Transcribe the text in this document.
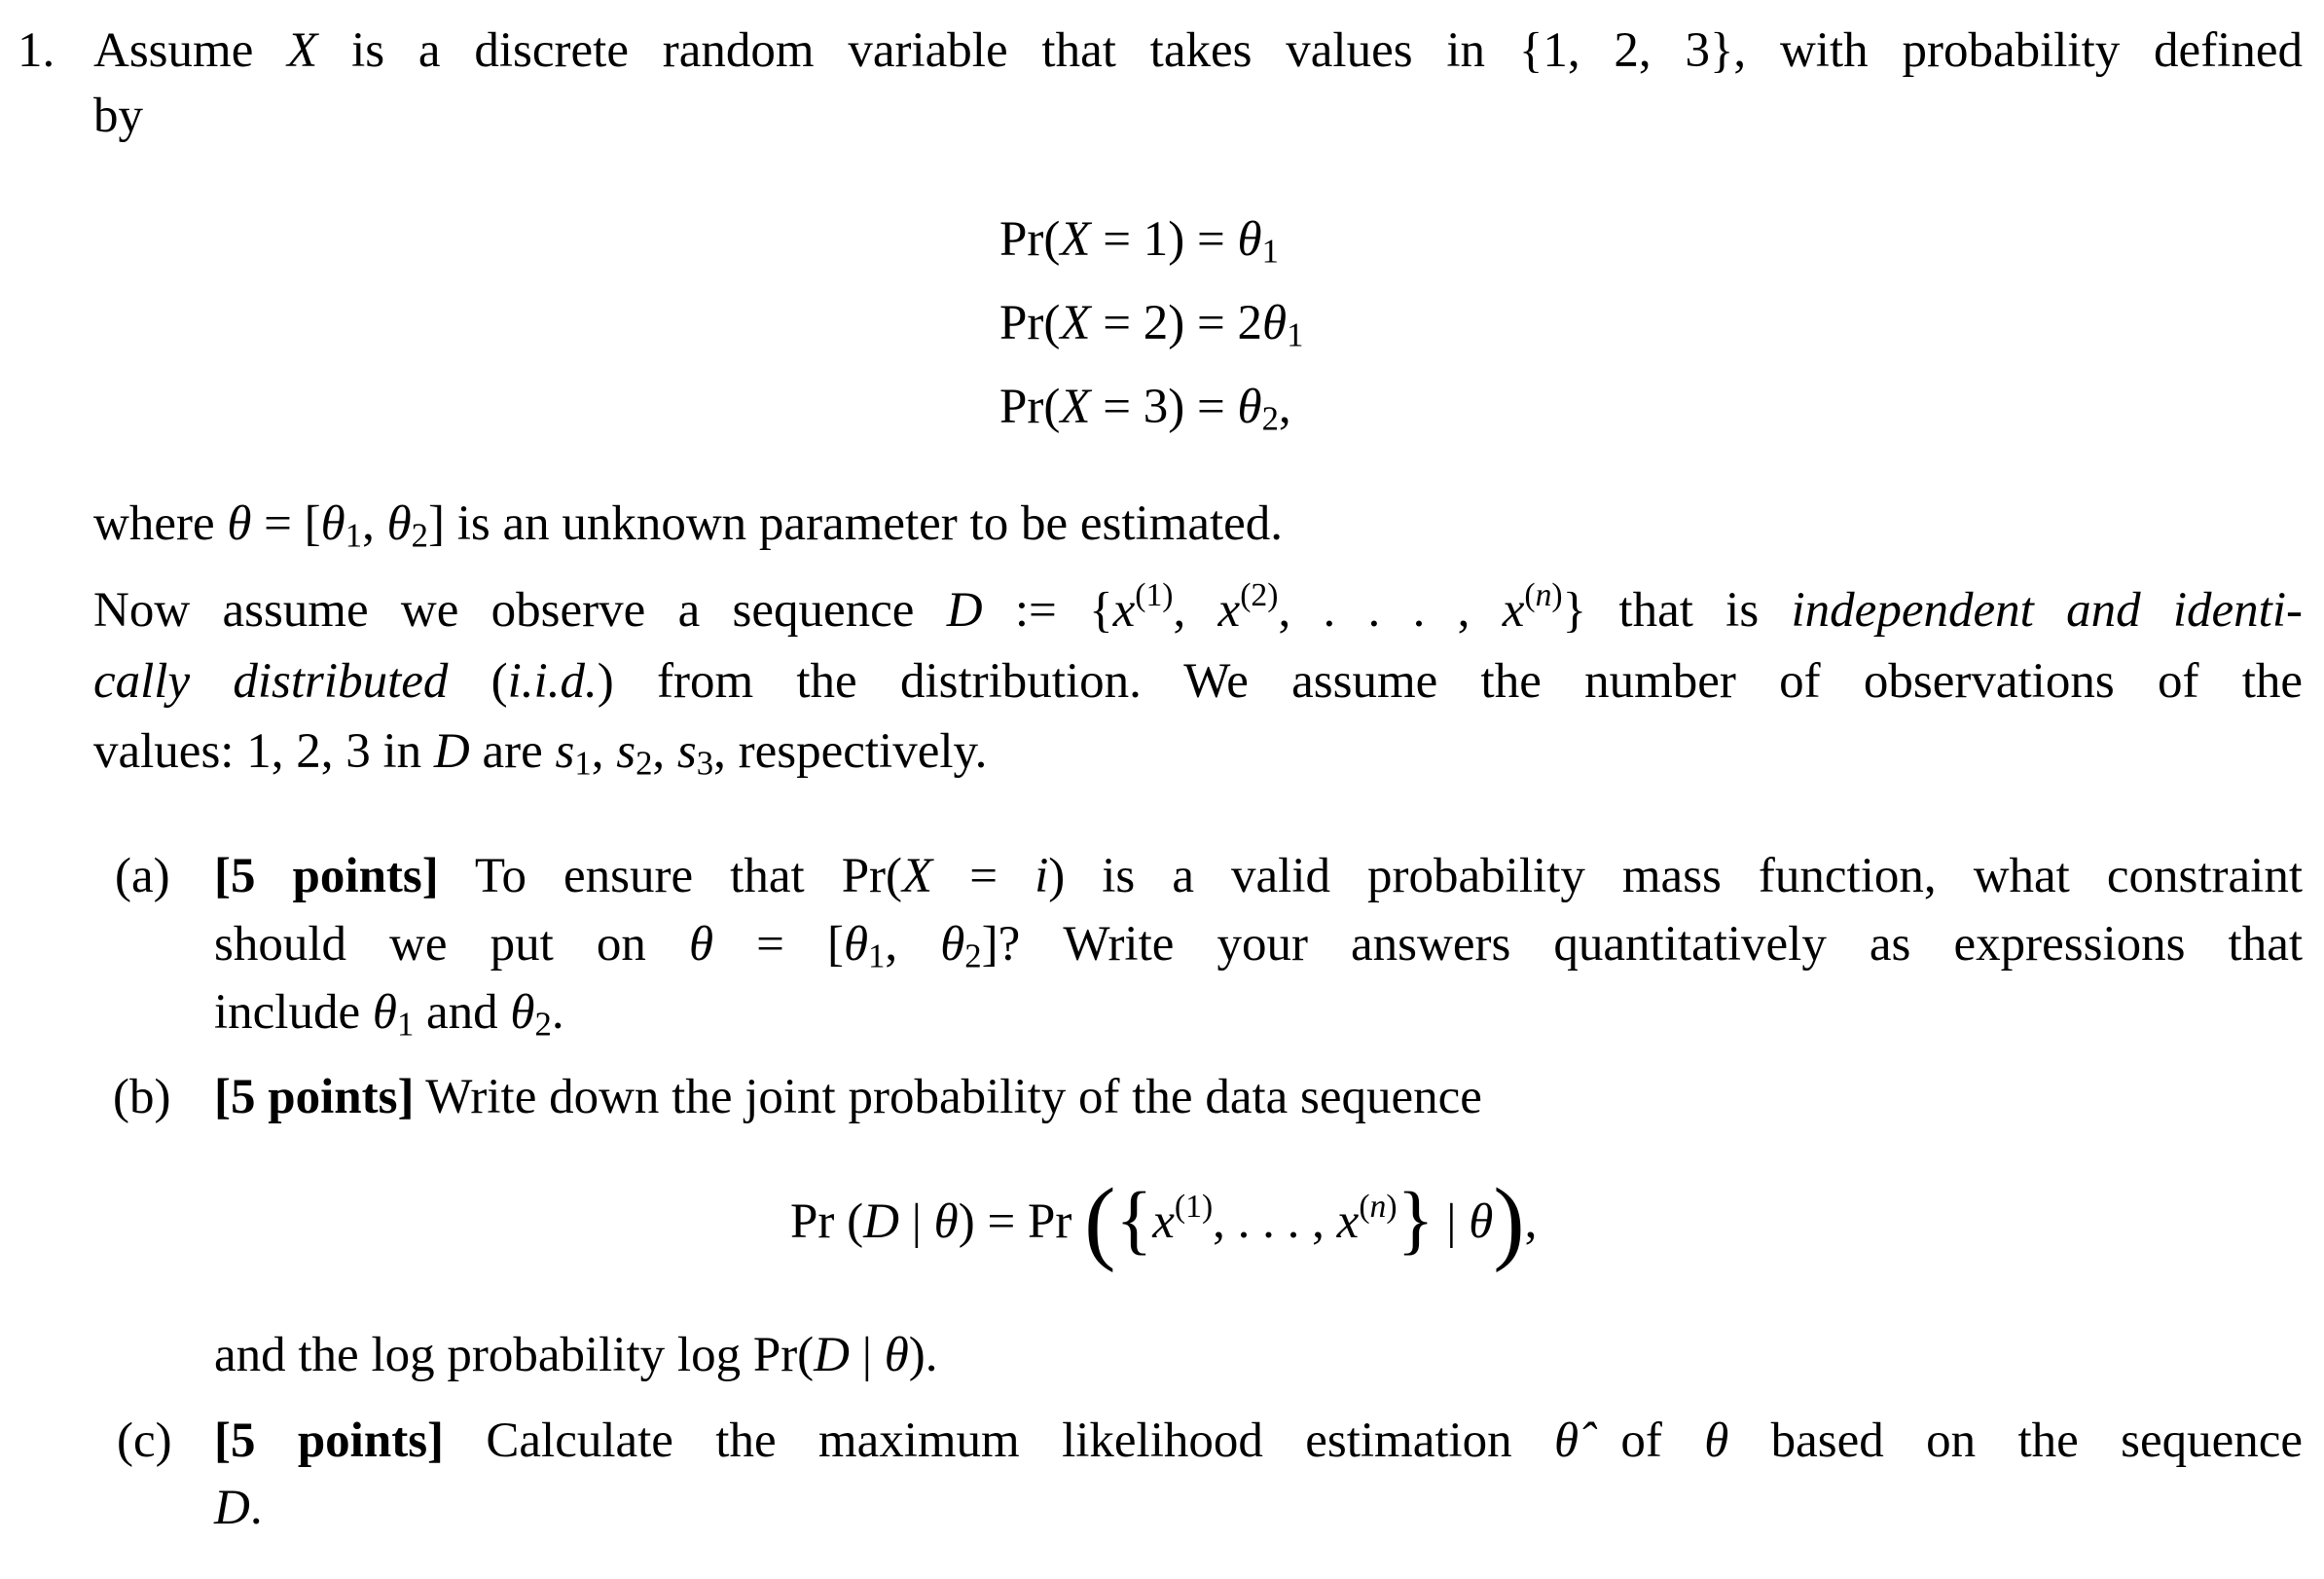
1. Assume X is a discrete random variable that takes values in {1, 2, 3}, with probability defined
by
$Pr(X = 1) = \theta_1$
$Pr(X = 2) = 2\theta_1$
$Pr(X = 3) = \theta_2$,
where $\theta = [\theta_1$, $\theta_2$] is an unknown parameter to be estimated.
Now assume we observe a sequence D := {$x^{(1)}$, $x^{(2)}$, . . . , $x^{(n)}$} that is independent and identi-
cally distributed (i.i.d.) from the distribution. We assume the number of observations of the
values: 1, 2, 3 in D are $s_1$, $s_2$, $s_3$, respectively.
(a) [5 points] To ensure that Pr(X = i) is a valid probability mass function, what constraint
should we put on $\theta = [\theta_1$, $\theta_2$]? Write your answers quantitatively as expressions that
include $\theta_1$ and $\theta_2$.
(b) [5 points] Write down the joint probability of the data sequence
Pr (D | θ) = Pr ({$x^{(1)}$, . . . , $x^{(n)}$} | θ),
and the log probability log Pr(D | θ).
(c) [5 points] Calculate the maximum likelihood estimation θ̂ of θ based on the sequence
D.
